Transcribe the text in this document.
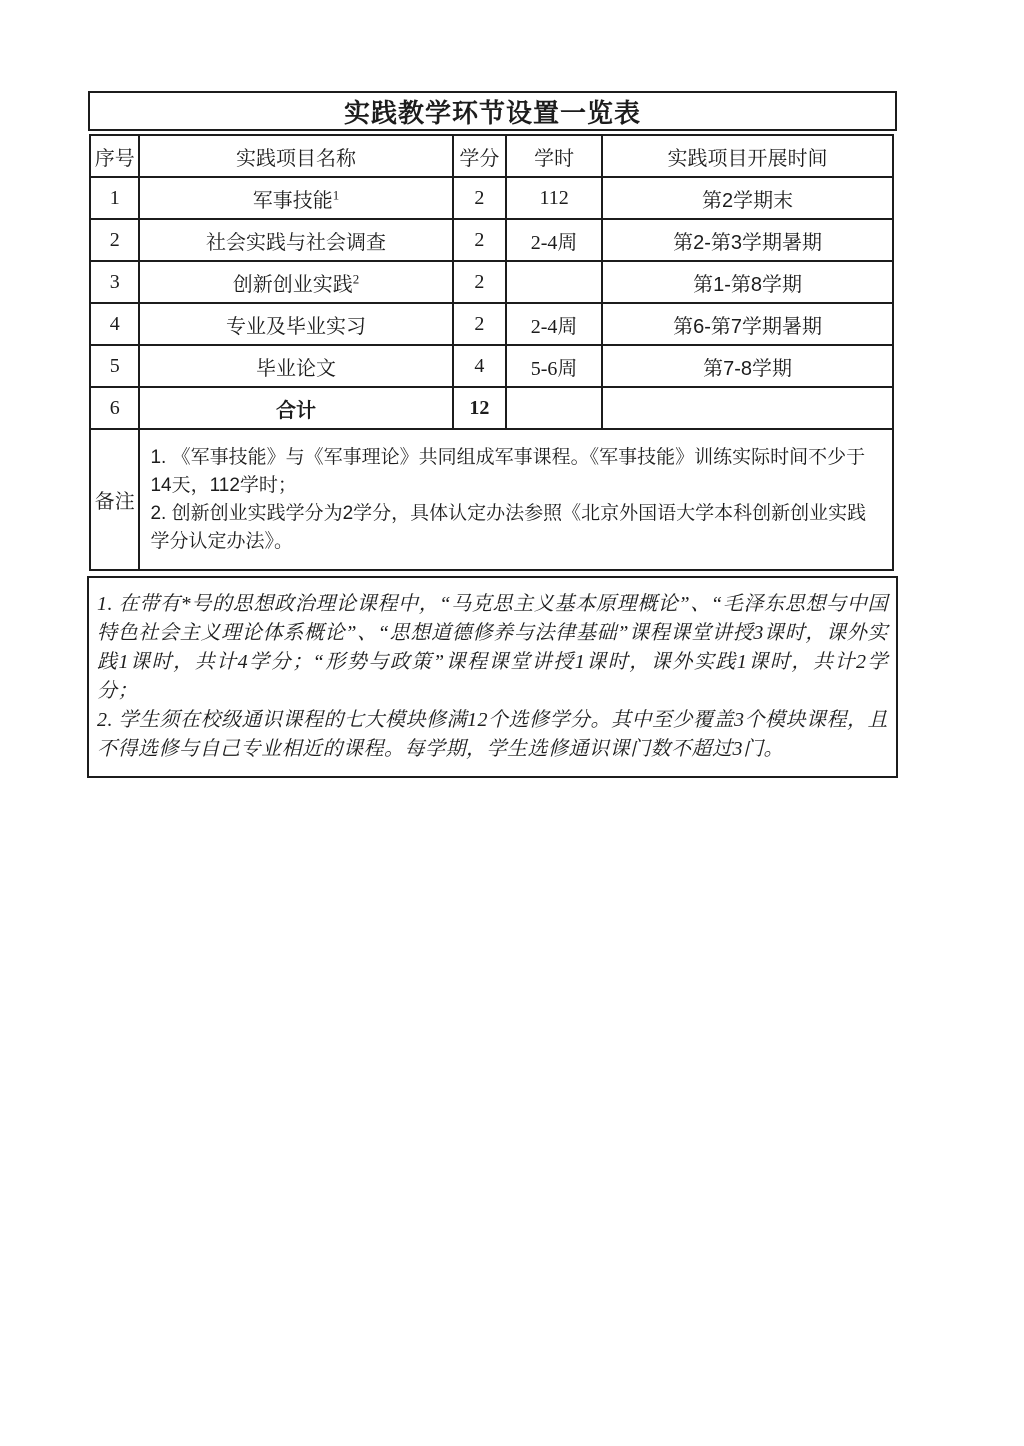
实践教学环节设置一览表
序号	实践项目名称	学分	学时	实践项目开展时间
1	军事技能$^1$	2	112	第2学期末
2	社会实践与社会调查	2	2-4周	第2-第3学期暑期
3	创新创业实践$^2$	2		第1-第8学期
4	专业及毕业实习	2	2-4周	第6-第7学期暑期
5	毕业论文	4	5-6周	第7-8学期
6	合计	12		
备注	1. 《军事技能》与《军事理论》共同组成军事课程。《军事技能》训练实际时间不少于14天，112学时；

2. 创新创业实践学分为2学分，具体认定办法参照《北京外国语大学本科创新创业实践学分认定办法》。			

1. 在带有*号的思想政治理论课程中，“马克思主义基本原理概论”、“毛泽东思想与中国特色社会主义理论体系概论”、“思想道德修养与法律基础”课程课堂讲授3课时，课外实践1课时，共计4学分；“形势与政策”课程课堂讲授1课时，课外实践1课时，共计2学分；

2. 学生须在校级通识课程的七大模块修满12个选修学分。其中至少覆盖3个模块课程，且不得选修与自己专业相近的课程。每学期，学生选修通识课门数不超过3门。
